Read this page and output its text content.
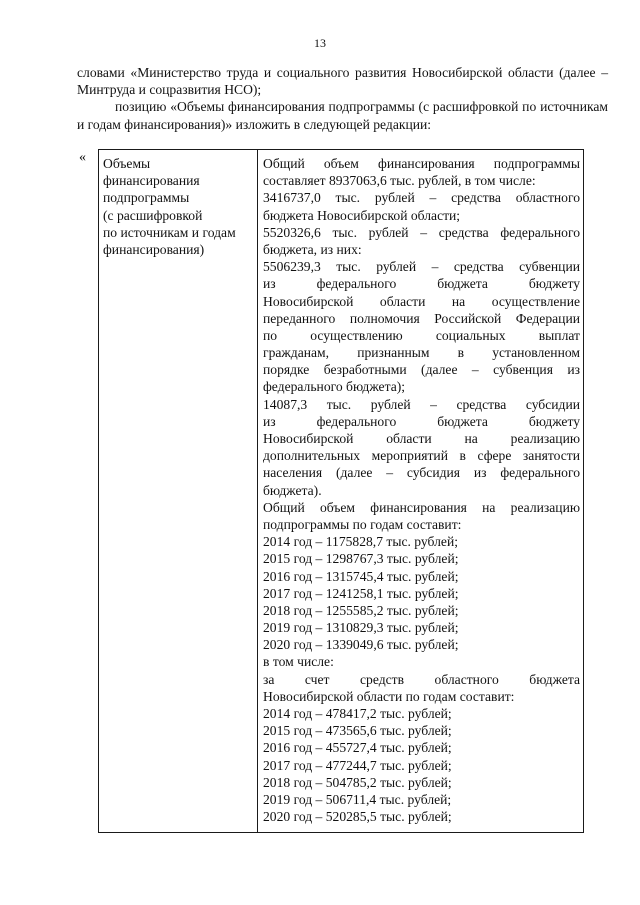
13

словами «Министерство труда и социального развития Новосибирской области (далее – Минтруда и соцразвития НСО);

позицию «Объемы финансирования подпрограммы (с расшифровкой по источникам и годам финансирования)» изложить в следующей редакции:

« Объемы
финансирования
подпрограммы
(с расшифровкой
по источникам и годам
финансирования)
Общий объем финансирования подпрограммы
составляет 8937063,6 тыс. рублей, в том числе:
3416737,0 тыс. рублей – средства областного
бюджета Новосибирской области;
5520326,6 тыс. рублей – средства федерального
бюджета, из них:
5506239,3 тыс. рублей – средства субвенции
из федерального бюджета бюджету
Новосибирской области на осуществление
переданного полномочия Российской Федерации
по осуществлению социальных выплат
гражданам, признанным в установленном
порядке безработными (далее – субвенция из
федерального бюджета);
14087,3 тыс. рублей – средства субсидии
из федерального бюджета бюджету
Новосибирской области на реализацию
дополнительных мероприятий в сфере занятости
населения (далее – субсидия из федерального
бюджета).
Общий объем финансирования на реализацию
подпрограммы по годам составит:
2014 год – 1175828,7 тыс. рублей;
2015 год – 1298767,3 тыс. рублей;
2016 год – 1315745,4 тыс. рублей;
2017 год – 1241258,1 тыс. рублей;
2018 год – 1255585,2 тыс. рублей;
2019 год – 1310829,3 тыс. рублей;
2020 год – 1339049,6 тыс. рублей;
в том числе:
за счет средств областного бюджета
Новосибирской области по годам составит:
2014 год – 478417,2 тыс. рублей;
2015 год – 473565,6 тыс. рублей;
2016 год – 455727,4 тыс. рублей;
2017 год – 477244,7 тыс. рублей;
2018 год – 504785,2 тыс. рублей;
2019 год – 506711,4 тыс. рублей;
2020 год – 520285,5 тыс. рублей;
